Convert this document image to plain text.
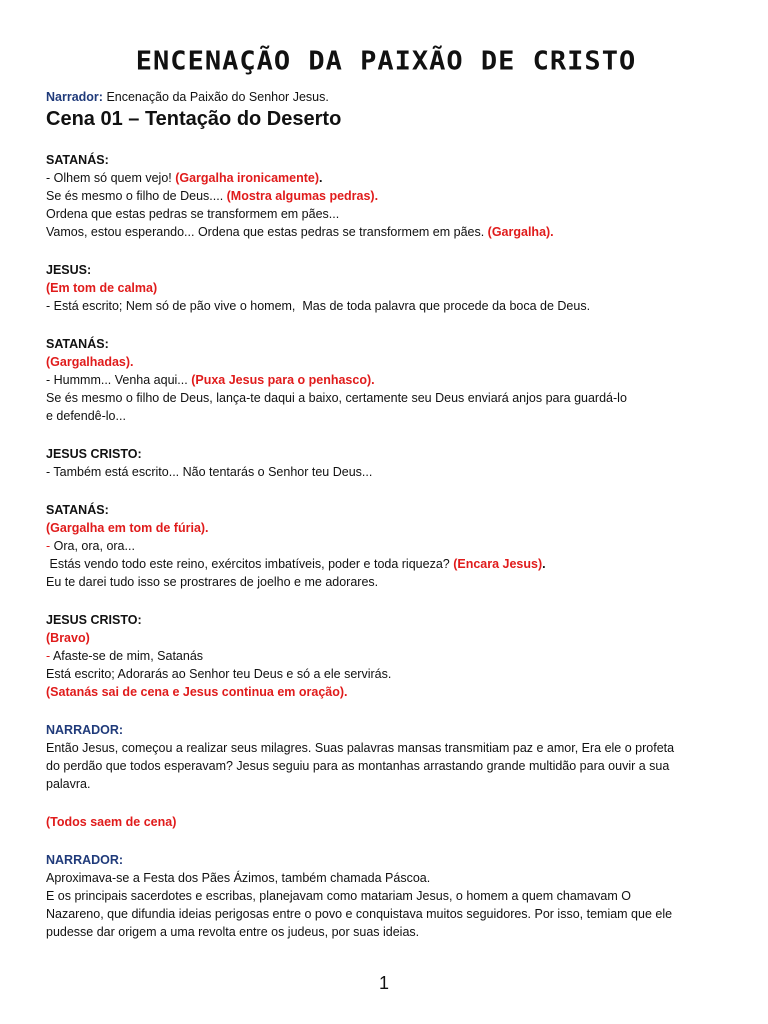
ENCENAÇÃO DA PAIXÃO DE CRISTO
Narrador: Encenação da Paixão do Senhor Jesus.
Cena 01 – Tentação do Deserto
SATANÁS:
- Olhem só quem vejo! (Gargalha ironicamente).
Se és mesmo o filho de Deus.... (Mostra algumas pedras).
Ordena que estas pedras se transformem em pães...
Vamos, estou esperando... Ordena que estas pedras se transformem em pães. (Gargalha).
JESUS:
(Em tom de calma)
- Está escrito; Nem só de pão vive o homem,  Mas de toda palavra que procede da boca de Deus.
SATANÁS:
(Gargalhadas).
- Hummm... Venha aqui... (Puxa Jesus para o penhasco).
Se és mesmo o filho de Deus, lança-te daqui a baixo, certamente seu Deus enviará anjos para guardá-lo
e defendê-lo...
JESUS CRISTO:
- Também está escrito... Não tentarás o Senhor teu Deus...
SATANÁS:
(Gargalha em tom de fúria).
- Ora, ora, ora...
Estás vendo todo este reino, exércitos imbatíveis, poder e toda riqueza? (Encara Jesus).
Eu te darei tudo isso se prostrares de joelho e me adorares.
JESUS CRISTO:
(Bravo)
- Afaste-se de mim, Satanás
Está escrito; Adorarás ao Senhor teu Deus e só a ele servirás.
(Satanás sai de cena e Jesus continua em oração).
NARRADOR:
Então Jesus, começou a realizar seus milagres. Suas palavras mansas transmitiam paz e amor, Era ele o profeta
do perdão que todos esperavam? Jesus seguiu para as montanhas arrastando grande multidão para ouvir a sua
palavra.
(Todos saem de cena)
NARRADOR:
Aproximava-se a Festa dos Pães Ázimos, também chamada Páscoa.
E os principais sacerdotes e escribas, planejavam como matariam Jesus, o homem a quem chamavam O
Nazareno, que difundia ideias perigosas entre o povo e conquistava muitos seguidores. Por isso, temiam que ele
pudesse dar origem a uma revolta entre os judeus, por suas ideias.
1
